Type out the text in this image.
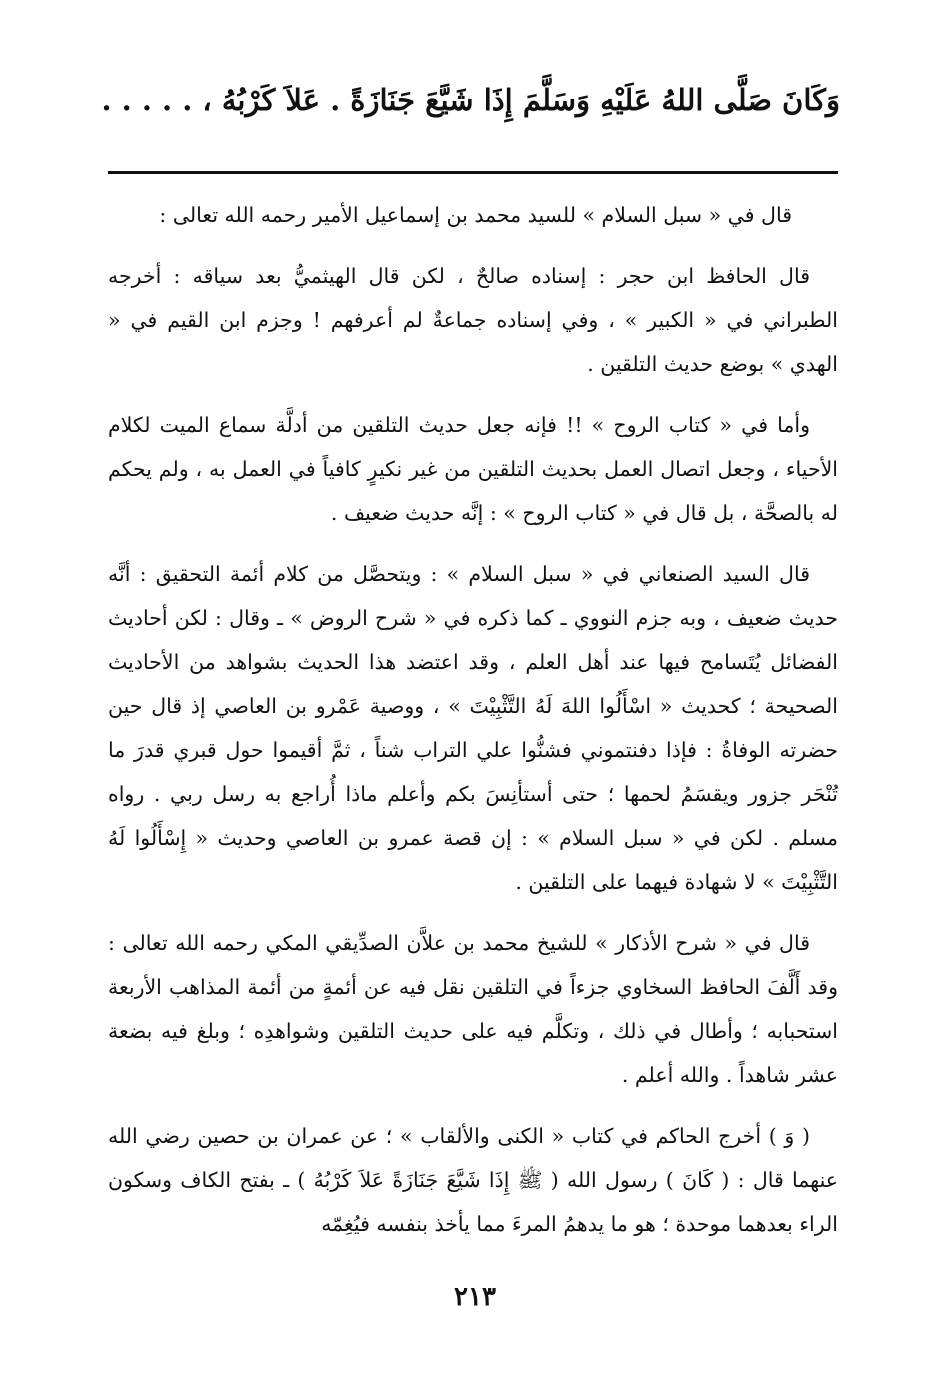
وَكَانَ صَلَّى اللهُ عَلَيْهِ وَسَلَّمَ إِذَا شَيَّعَ جَنَازَةً . عَلاَ كَرْبُهُ ، . . . . .

قال في « سبل السلام » للسيد محمد بن إسماعيل الأمير رحمه الله تعالى :

قال الحافظ ابن حجر : إسناده صالحٌ ، لكن قال الهيثميُّ بعد سياقه : أخرجه الطبراني في « الكبير » ، وفي إسناده جماعةٌ لم أعرفهم ! وجزم ابن القيم في « الهدي » بوضع حديث التلقين .

وأما في « كتاب الروح » !! فإنه جعل حديث التلقين من أدلَّة سماع الميت لكلام الأحياء ، وجعل اتصال العمل بحديث التلقين من غير نكيرٍ كافياً في العمل به ، ولم يحكم له بالصحَّة ، بل قال في « كتاب الروح » : إنَّه حديث ضعيف .

قال السيد الصنعاني في « سبل السلام » : ويتحصَّل من كلام أئمة التحقيق : أنَّه حديث ضعيف ، وبه جزم النووي ـ كما ذكره في « شرح الروض » ـ وقال : لكن أحاديث الفضائل يُتَسامح فيها عند أهل العلم ، وقد اعتضد هذا الحديث بشواهد من الأحاديث الصحيحة ؛ كحديث « اسْأَلُوا اللهَ لَهُ التَّثْبِيْتَ » ، ووصية عَمْرو بن العاصي إذ قال حين حضرته الوفاةُ : فإذا دفنتموني فشنُّوا علي التراب شناً ، ثمَّ أقيموا حول قبري قدرَ ما تُنْحَر جزور ويقسَمُ لحمها ؛ حتى أستأنِسَ بكم وأعلم ماذا أُراجع به رسل ربي . رواه مسلم . لكن في « سبل السلام » : إن قصة عمرو بن العاصي وحديث « إِسْأَلُوا لَهُ التَّثْبِيْتَ » لا شهادة فيهما على التلقين .

قال في « شرح الأذكار » للشيخ محمد بن علاَّن الصدِّيقي المكي رحمه الله تعالى : وقد أَلَّفَ الحافظ السخاوي جزءاً في التلقين نقل فيه عن أئمةٍ من أئمة المذاهب الأربعة استحبابه ؛ وأطال في ذلك ، وتكلَّم فيه على حديث التلقين وشواهدِه ؛ وبلغ فيه بضعة عشر شاهداً . والله أعلم .

( وَ ) أخرج الحاكم في كتاب « الكنى والألقاب » ؛ عن عمران بن حصين رضي الله عنهما قال : ( كَانَ ) رسول الله ( ﷺ إِذَا شَيَّعَ جَنَازَةً عَلاَ كَرْبُهُ ) ـ بفتح الكاف وسكون الراء بعدهما موحدة ؛ هو ما يدهمُ المرءَ مما يأخذ بنفسه فيُغِمّه

٢١٣
